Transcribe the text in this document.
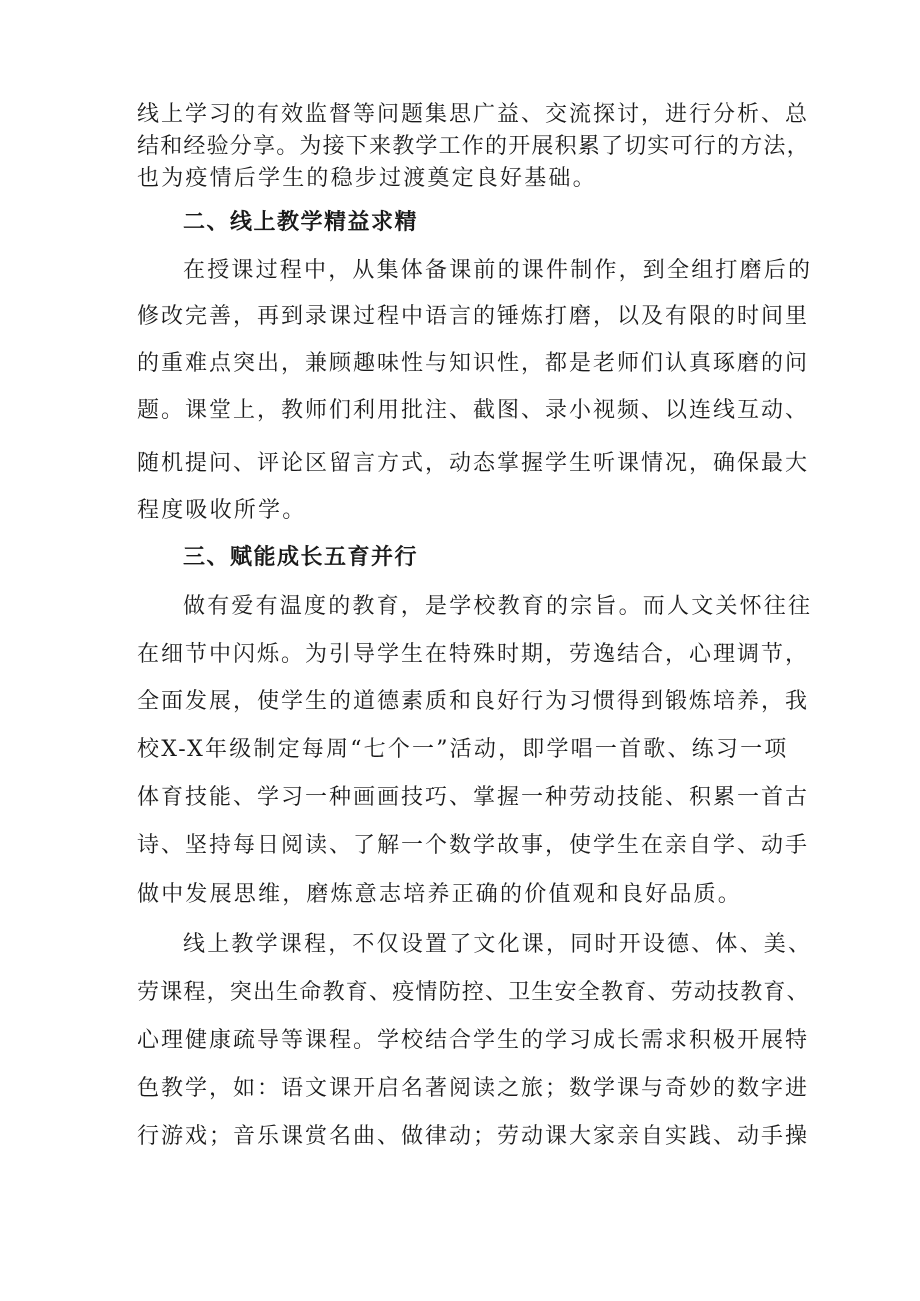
线上学习的有效监督等问题集思广益、交流探讨，进行分析、总

结和经验分享。为接下来教学工作的开展积累了切实可行的方法，

也为疫情后学生的稳步过渡奠定良好基础。

二、线上教学精益求精

在授课过程中，从集体备课前的课件制作，到全组打磨后的

修改完善，再到录课过程中语言的锤炼打磨，以及有限的时间里

的重难点突出，兼顾趣味性与知识性，都是老师们认真琢磨的问

题。课堂上，教师们利用批注、截图、录小视频、以连线互动、

随机提问、评论区留言方式，动态掌握学生听课情况，确保最大

程度吸收所学。

三、赋能成长五育并行

做有爱有温度的教育，是学校教育的宗旨。而人文关怀往往

在细节中闪烁。为引导学生在特殊时期，劳逸结合，心理调节，

全面发展，使学生的道德素质和良好行为习惯得到锻炼培养，我

校X-X年级制定每周“七个一”活动，即学唱一首歌、练习一项

体育技能、学习一种画画技巧、掌握一种劳动技能、积累一首古

诗、坚持每日阅读、了解一个数学故事，使学生在亲自学、动手

做中发展思维，磨炼意志培养正确的价值观和良好品质。

线上教学课程，不仅设置了文化课，同时开设德、体、美、

劳课程，突出生命教育、疫情防控、卫生安全教育、劳动技教育、

心理健康疏导等课程。学校结合学生的学习成长需求积极开展特

色教学，如：语文课开启名著阅读之旅；数学课与奇妙的数字进

行游戏；音乐课赏名曲、做律动；劳动课大家亲自实践、动手操
